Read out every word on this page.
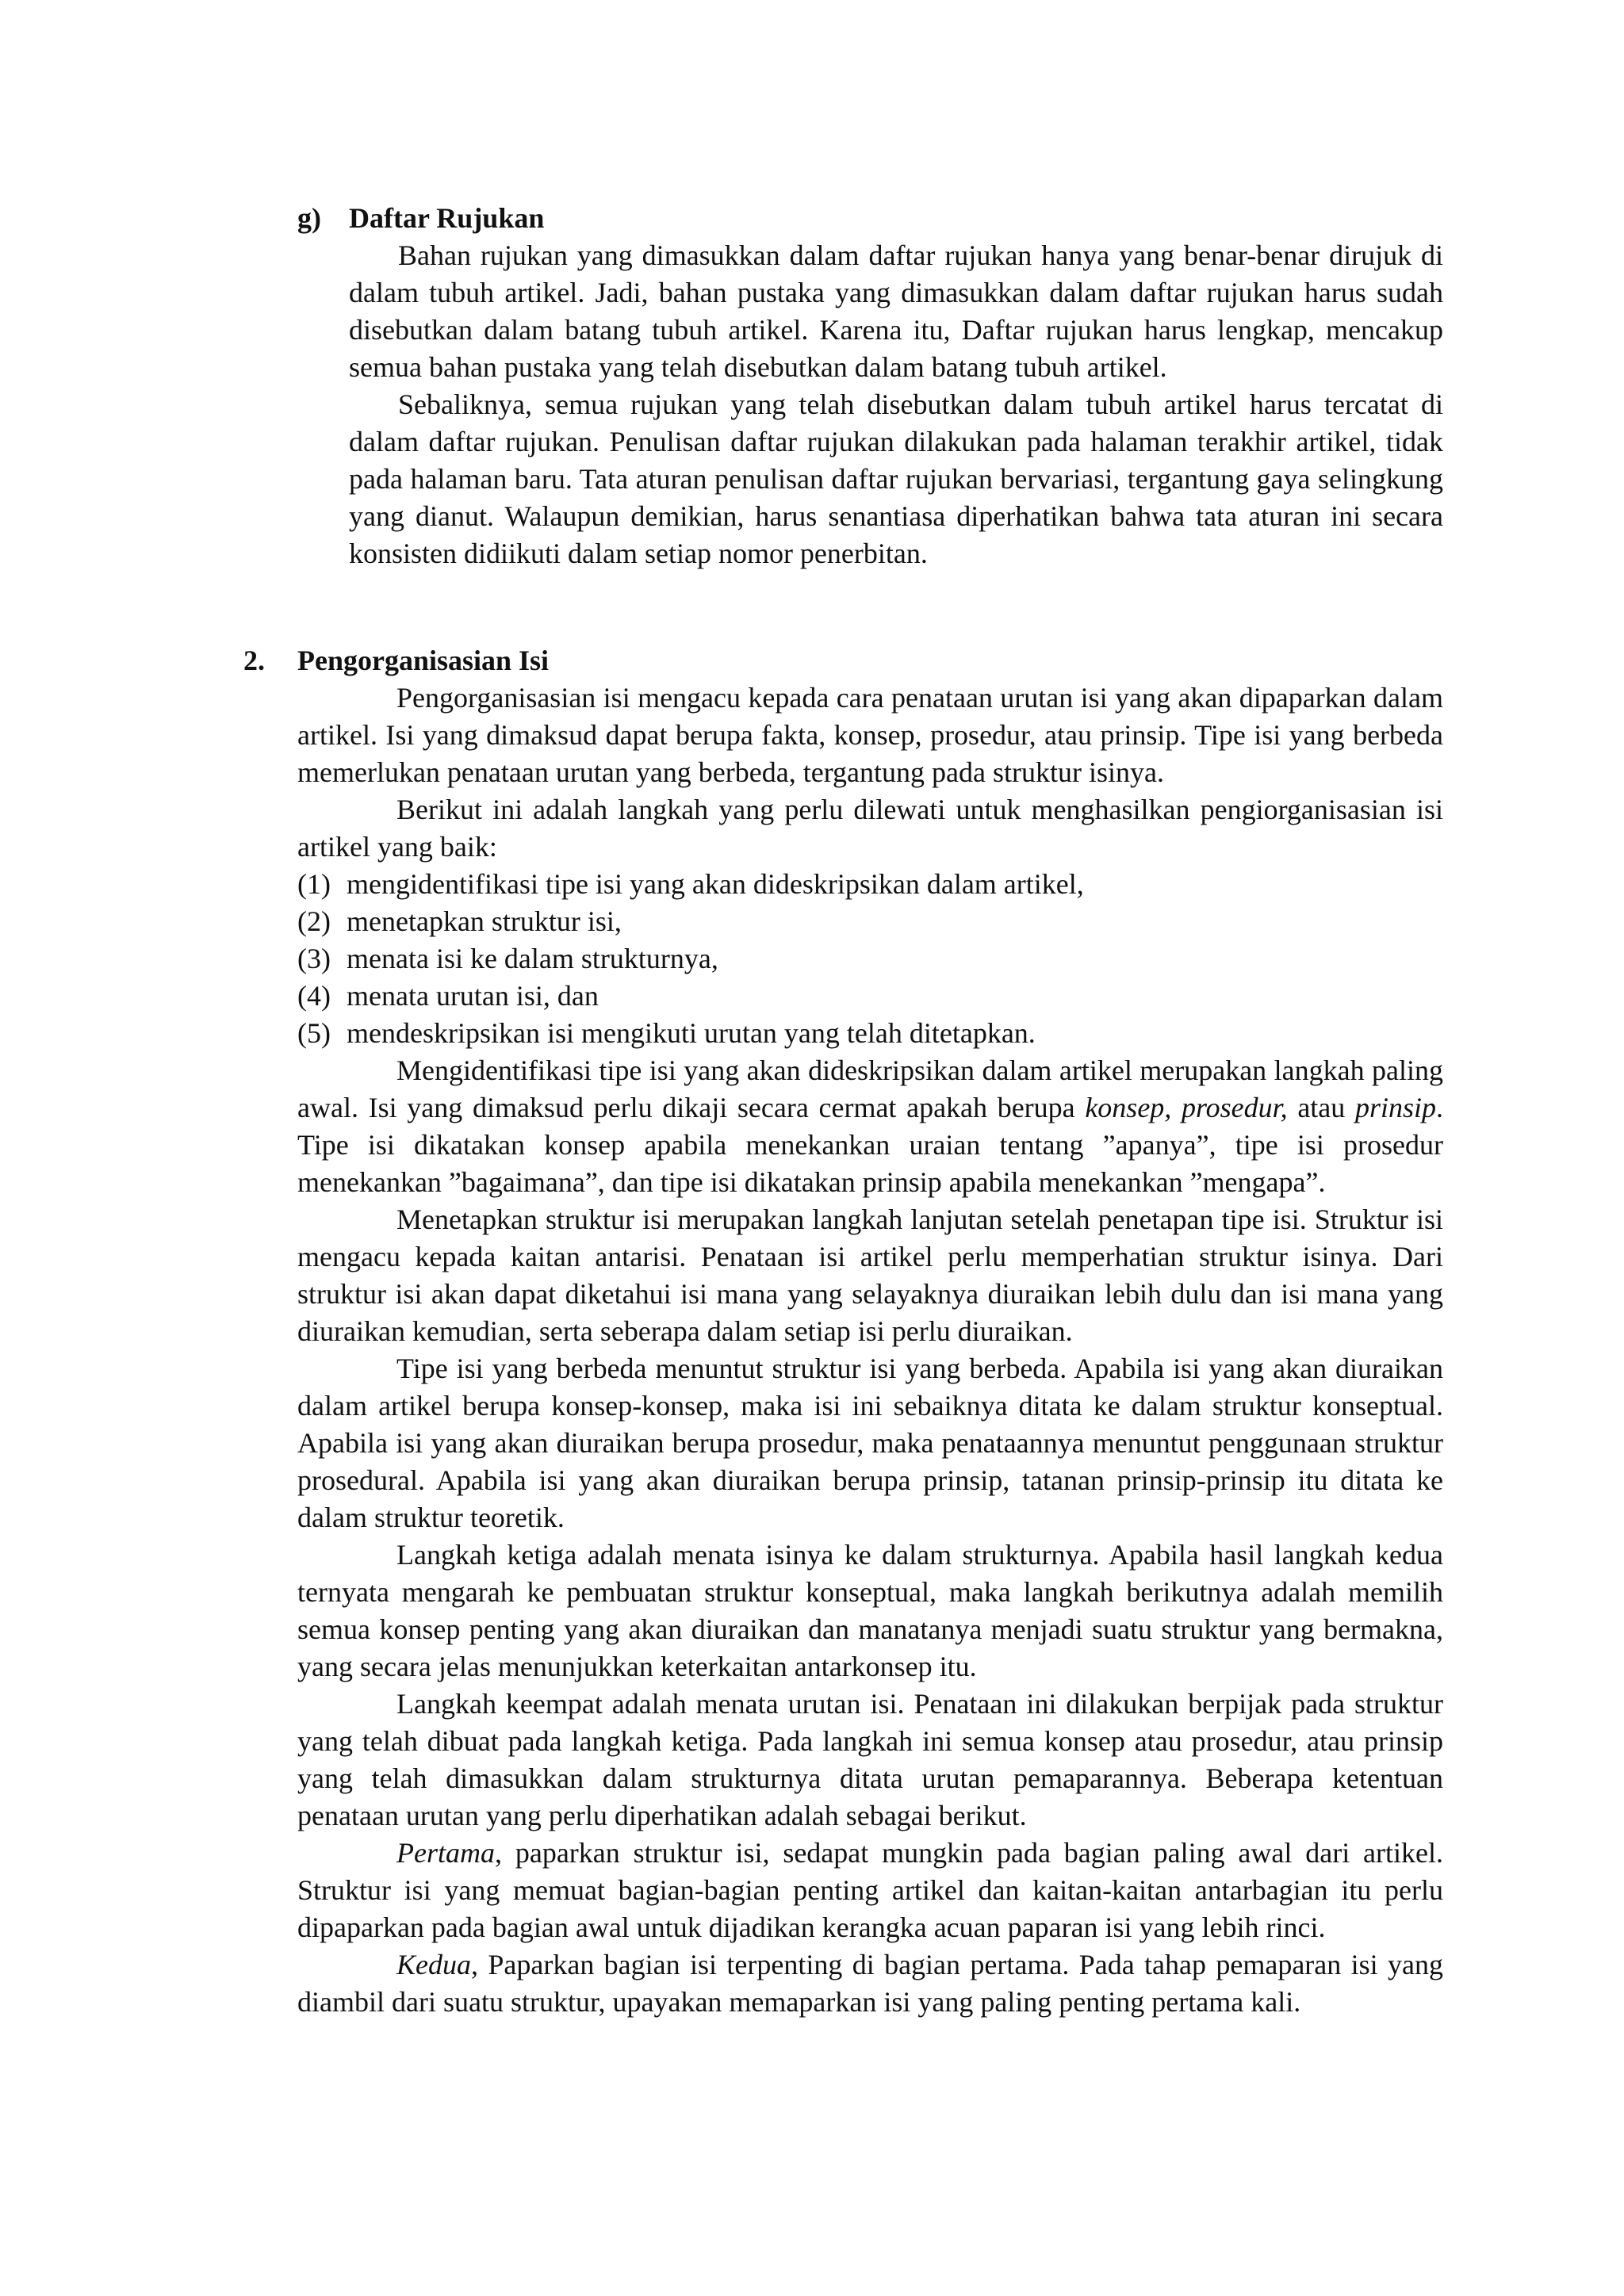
g) Daftar Rujukan

Bahan rujukan yang dimasukkan dalam daftar rujukan hanya yang benar-benar dirujuk di dalam tubuh artikel. Jadi, bahan pustaka yang dimasukkan dalam daftar rujukan harus sudah disebutkan dalam batang tubuh artikel. Karena itu, Daftar rujukan harus lengkap, mencakup semua bahan pustaka yang telah disebutkan dalam batang tubuh artikel.

Sebaliknya, semua rujukan yang telah disebutkan dalam tubuh artikel harus tercatat di dalam daftar rujukan. Penulisan daftar rujukan dilakukan pada halaman terakhir artikel, tidak pada halaman baru. Tata aturan penulisan daftar rujukan bervariasi, tergantung gaya selingkung yang dianut. Walaupun demikian, harus senantiasa diperhatikan bahwa tata aturan ini secara konsisten didiikuti dalam setiap nomor penerbitan.

2.	Pengorganisasian Isi

Pengorganisasian isi mengacu kepada cara penataan urutan isi yang akan dipaparkan dalam artikel. Isi yang dimaksud dapat berupa fakta, konsep, prosedur, atau prinsip. Tipe isi yang berbeda memerlukan penataan urutan yang berbeda, tergantung pada struktur isinya.

Berikut ini adalah langkah yang perlu dilewati untuk menghasilkan pengiorganisasian isi artikel yang baik:

(1) mengidentifikasi tipe isi yang akan dideskripsikan dalam artikel,
(2) menetapkan struktur isi,
(3) menata isi ke dalam strukturnya,
(4) menata urutan isi, dan
(5) mendeskripsikan isi mengikuti urutan yang telah ditetapkan.

Mengidentifikasi tipe isi yang akan dideskripsikan dalam artikel merupakan langkah paling awal. Isi yang dimaksud perlu dikaji secara cermat apakah berupa konsep, prosedur, atau prinsip. Tipe isi dikatakan konsep apabila menekankan uraian tentang ”apanya”, tipe isi prosedur menekankan ”bagaimana”, dan tipe isi dikatakan prinsip apabila menekankan ”mengapa”.

Menetapkan struktur isi merupakan langkah lanjutan setelah penetapan tipe isi. Struktur isi mengacu kepada kaitan antarisi. Penataan isi artikel perlu memperhatian struktur isinya. Dari struktur isi akan dapat diketahui isi mana yang selayaknya diuraikan lebih dulu dan isi mana yang diuraikan kemudian, serta seberapa dalam setiap isi perlu diuraikan.

Tipe isi yang berbeda menuntut struktur isi yang berbeda. Apabila isi yang akan diuraikan dalam artikel berupa konsep-konsep, maka isi ini sebaiknya ditata ke dalam struktur konseptual. Apabila isi yang akan diuraikan berupa prosedur, maka penataannya menuntut penggunaan struktur prosedural. Apabila isi yang akan diuraikan berupa prinsip, tatanan prinsip-prinsip itu ditata ke dalam struktur teoretik.

Langkah ketiga adalah menata isinya ke dalam strukturnya. Apabila hasil langkah kedua ternyata mengarah ke pembuatan struktur konseptual, maka langkah berikutnya adalah memilih semua konsep penting yang akan diuraikan dan manatanya menjadi suatu struktur yang bermakna, yang secara jelas menunjukkan keterkaitan antarkonsep itu.

Langkah keempat adalah menata urutan isi. Penataan ini dilakukan berpijak pada struktur yang telah dibuat pada langkah ketiga. Pada langkah ini semua konsep atau prosedur, atau prinsip yang telah dimasukkan dalam strukturnya ditata urutan pemaparannya. Beberapa ketentuan penataan urutan yang perlu diperhatikan adalah sebagai berikut.

Pertama, paparkan struktur isi, sedapat mungkin pada bagian paling awal dari artikel. Struktur isi yang memuat bagian-bagian penting artikel dan kaitan-kaitan antarbagian itu perlu dipaparkan pada bagian awal untuk dijadikan kerangka acuan paparan isi yang lebih rinci.

Kedua, Paparkan bagian isi terpenting di bagian pertama. Pada tahap pemaparan isi yang diambil dari suatu struktur, upayakan memaparkan isi yang paling penting pertama kali.
